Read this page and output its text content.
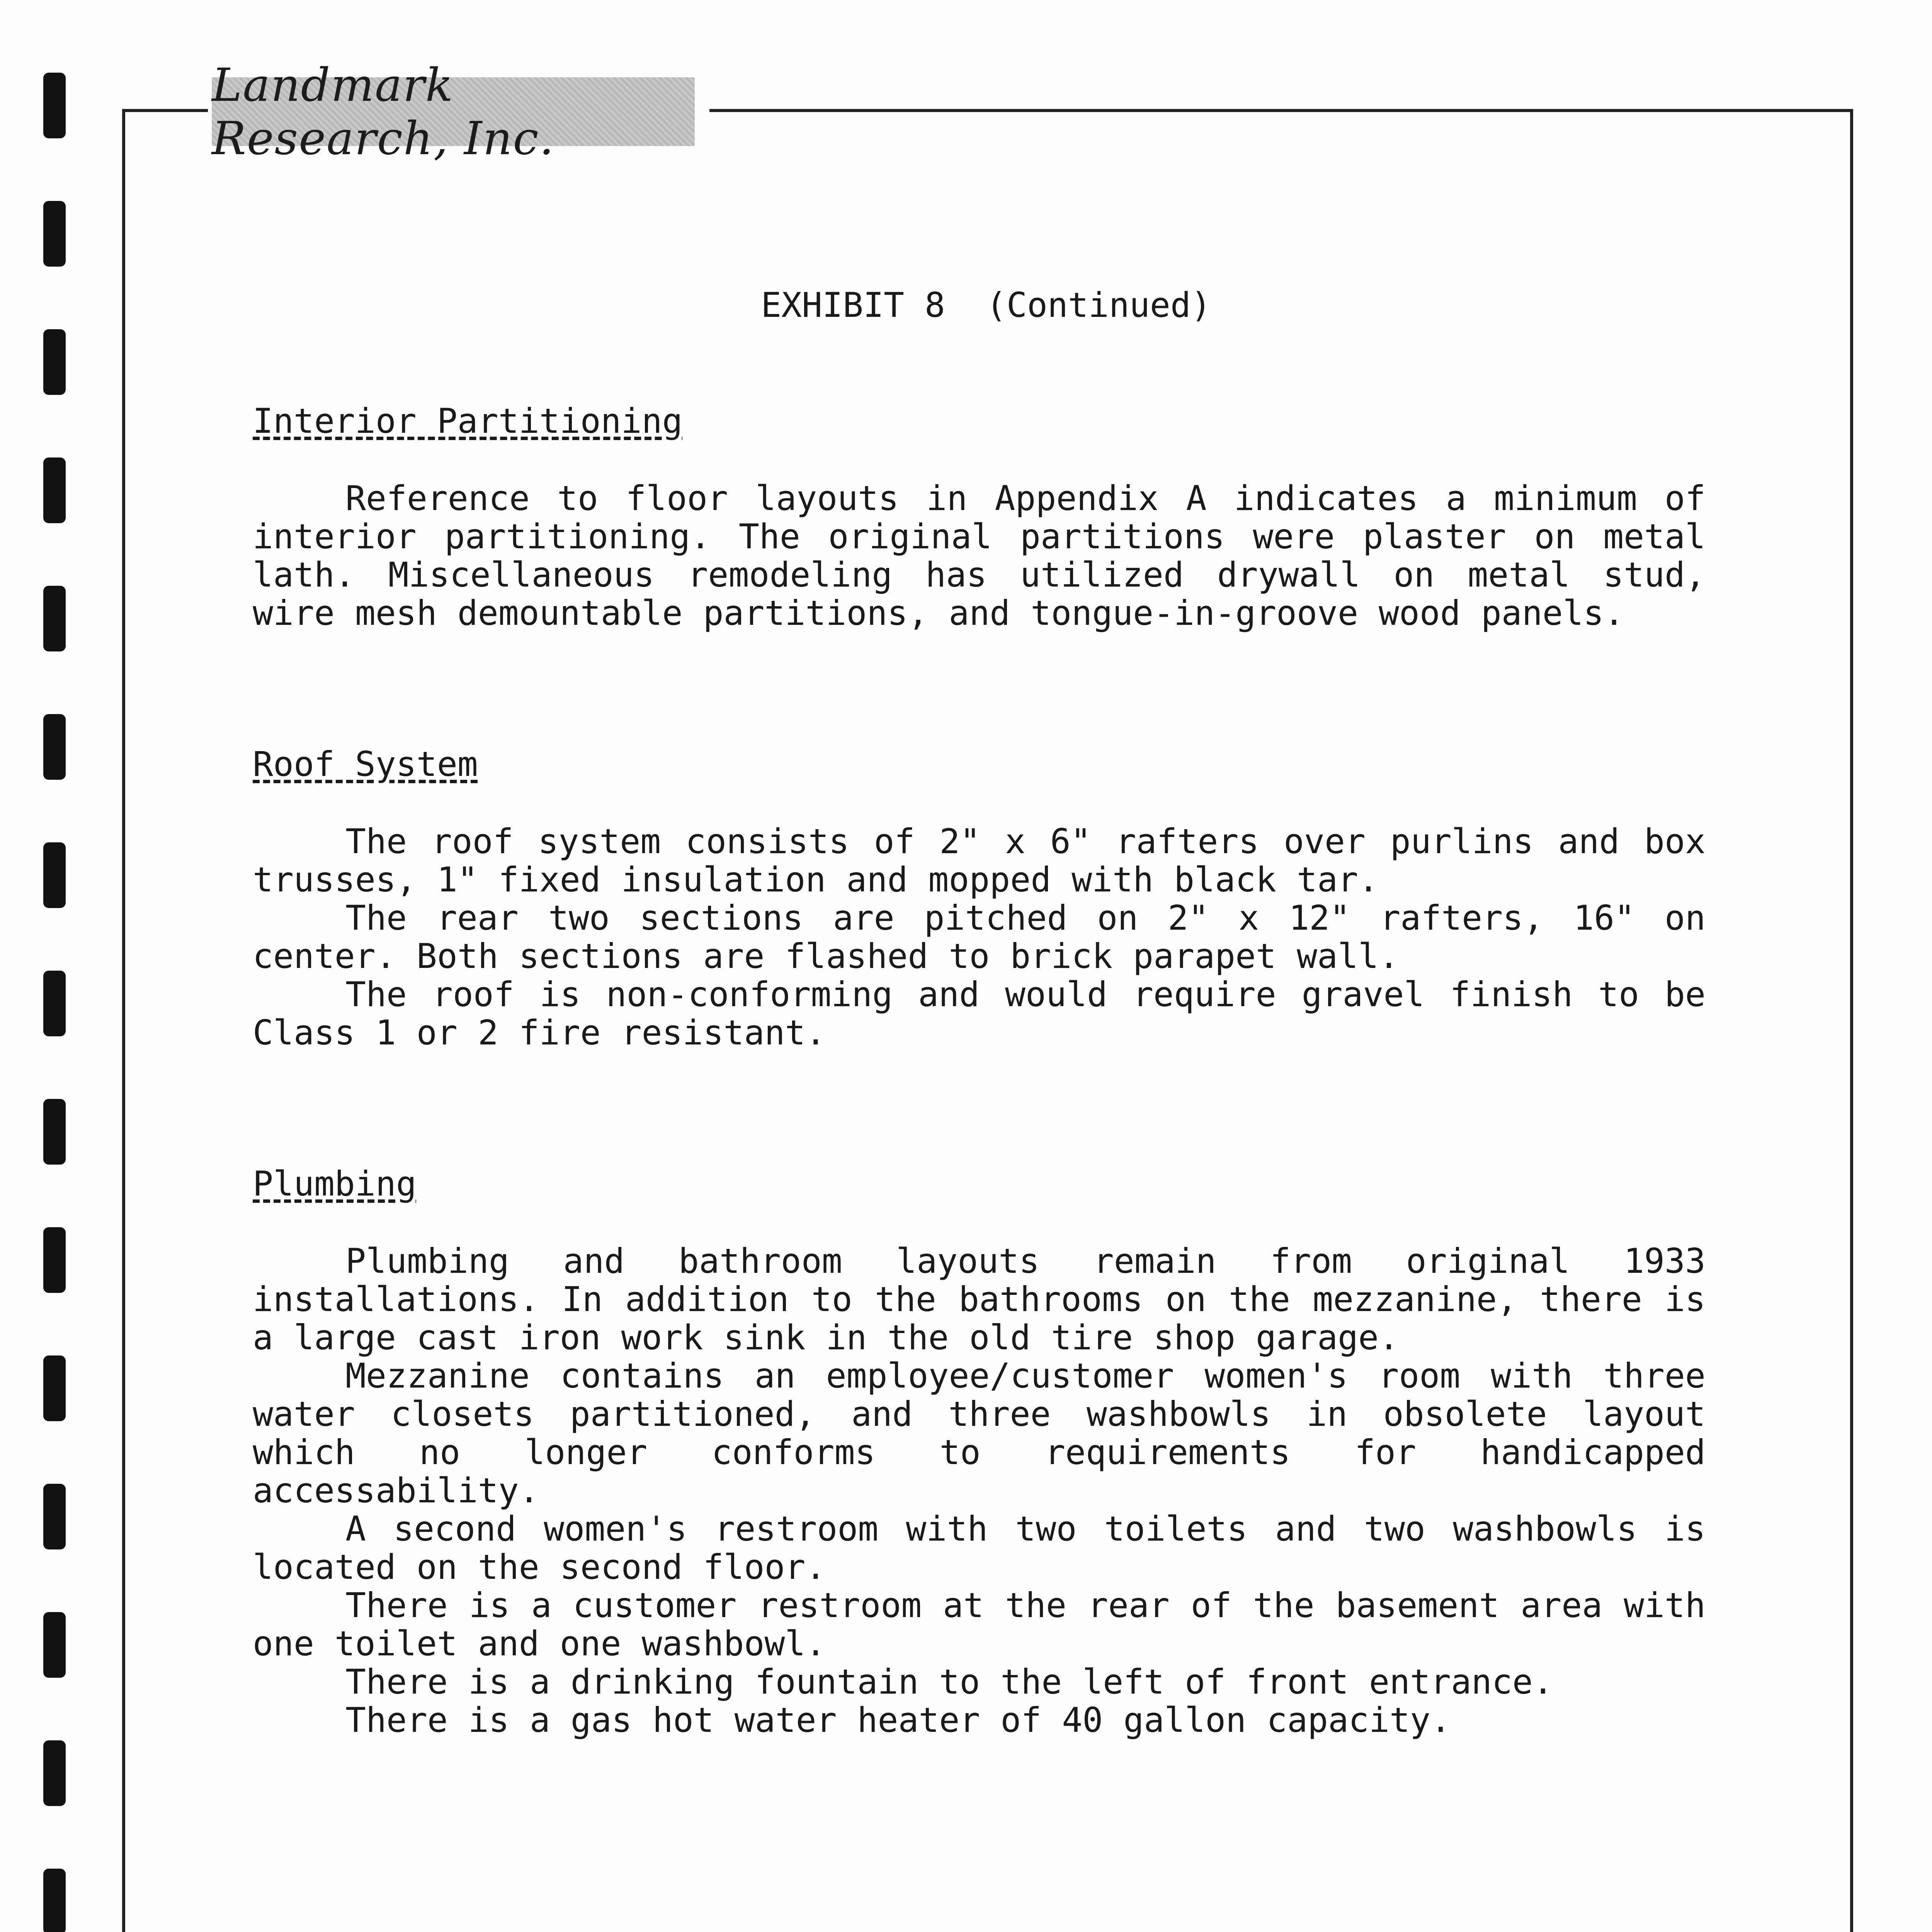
Landmark Research, Inc.
EXHIBIT 8  (Continued)
Interior Partitioning

Reference to floor layouts in Appendix A indicates a minimum of interior partitioning. The original partitions were plaster on metal lath. Miscellaneous remodeling has utilized drywall on metal stud, wire mesh demountable partitions, and tongue-in-groove wood panels.

Roof System

The roof system consists of 2" x 6" rafters over purlins and box trusses, 1" fixed insulation and mopped with black tar.

The rear two sections are pitched on 2" x 12" rafters, 16" on center. Both sections are flashed to brick parapet wall.

The roof is non-conforming and would require gravel finish to be Class 1 or 2 fire resistant.

Plumbing

Plumbing and bathroom layouts remain from original 1933 installations. In addition to the bathrooms on the mezzanine, there is a large cast iron work sink in the old tire shop garage.

Mezzanine contains an employee/customer women's room with three water closets partitioned, and three washbowls in obsolete layout which no longer conforms to requirements for handicapped accessability.

A second women's restroom with two toilets and two washbowls is located on the second floor.

There is a customer restroom at the rear of the basement area with one toilet and one washbowl.

There is a drinking fountain to the left of front entrance.

There is a gas hot water heater of 40 gallon capacity.
